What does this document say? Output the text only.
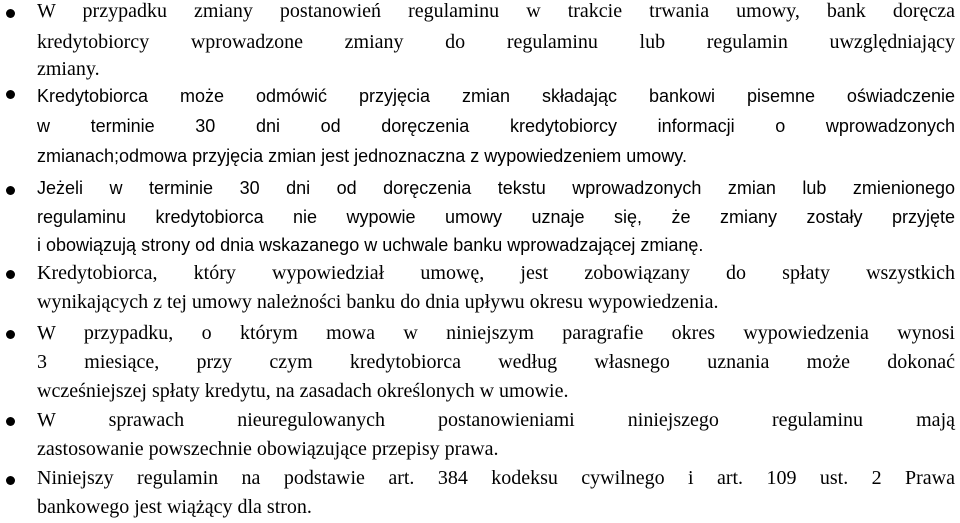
W przypadku zmiany postanowień regulaminu w trakcie trwania umowy, bank doręcza
kredytobiorcy wprowadzone zmiany do regulaminu lub regulamin uwzględniający
zmiany.
Kredytobiorca może odmówić przyjęcia zmian składając bankowi pisemne oświadczenie
w terminie 30 dni od doręczenia kredytobiorcy informacji o wprowadzonych
zmianach;odmowa przyjęcia zmian jest jednoznaczna z wypowiedzeniem umowy.
Jeżeli w terminie 30 dni od doręczenia tekstu wprowadzonych zmian lub zmienionego
regulaminu kredytobiorca nie wypowie umowy uznaje się, że zmiany zostały przyjęte
i obowiązują strony od dnia wskazanego w uchwale banku wprowadzającej zmianę.
Kredytobiorca, który wypowiedział umowę, jest zobowiązany do spłaty wszystkich
wynikających z tej umowy należności banku do dnia upływu okresu wypowiedzenia.
W przypadku, o którym mowa w niniejszym paragrafie okres wypowiedzenia wynosi
3 miesiące, przy czym kredytobiorca według własnego uznania może dokonać
wcześniejszej spłaty kredytu, na zasadach określonych w umowie.
W sprawach nieuregulowanych postanowieniami niniejszego regulaminu mają
zastosowanie powszechnie obowiązujące przepisy prawa.
Niniejszy regulamin na podstawie art. 384 kodeksu cywilnego i art. 109 ust. 2 Prawa
bankowego jest wiążący dla stron.
